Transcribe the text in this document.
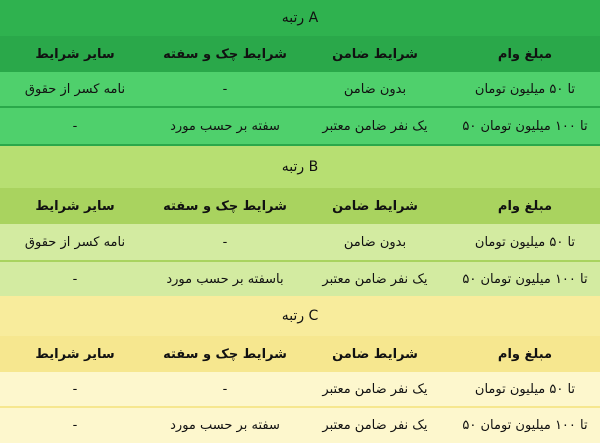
رتبه A
مبلغ وام
شرایط ضامن
شرایط چک و سفته
سایر شرایط
تا ۵۰ میلیون تومان
بدون ضامن
-
نامه کسر از حقوق
۵۰ تا ۱۰۰ میلیون تومان
یک نفر ضامن معتبر
سفته بر حسب مورد
-
رتبه B
مبلغ وام
شرایط ضامن
شرایط چک و سفته
سایر شرایط
تا ۵۰ میلیون تومان
بدون ضامن
-
نامه کسر از حقوق
۵۰ تا ۱۰۰ میلیون تومان
یک نفر ضامن معتبر
باسفته بر حسب مورد
-
رتبه C
مبلغ وام
شرایط ضامن
شرایط چک و سفته
سایر شرایط
تا ۵۰ میلیون تومان
یک نفر ضامن معتبر
-
-
۵۰ تا ۱۰۰ میلیون تومان
یک نفر ضامن معتبر
سفته بر حسب مورد
-
